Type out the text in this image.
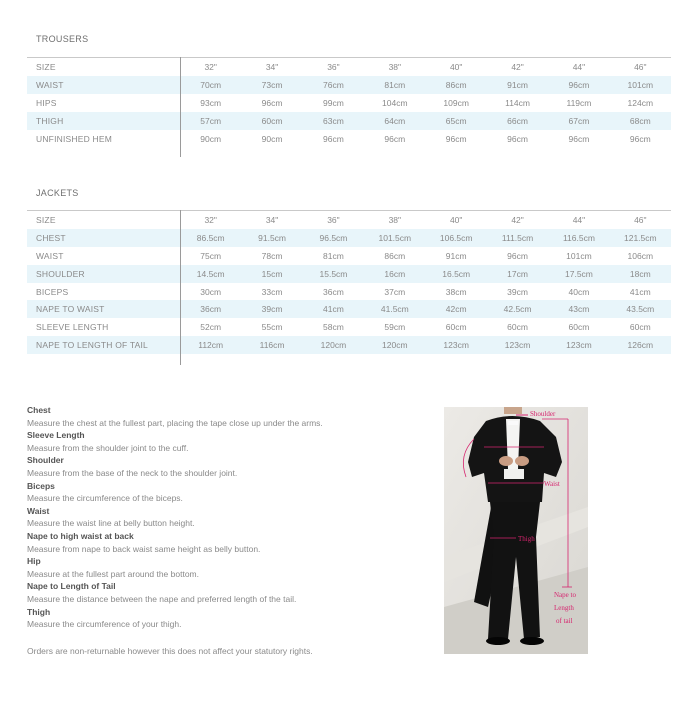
TROUSERS
SIZE	32"	34"	36"	38"	40"	42"	44"	46"
WAIST	70cm	73cm	76cm	81cm	86cm	91cm	96cm	101cm
HIPS	93cm	96cm	99cm	104cm	109cm	114cm	119cm	124cm
THIGH	57cm	60cm	63cm	64cm	65cm	66cm	67cm	68cm
UNFINISHED HEM	90cm	90cm	96cm	96cm	96cm	96cm	96cm	96cm
JACKETS
SIZE	32"	34"	36"	38"	40"	42"	44"	46"
CHEST	86.5cm	91.5cm	96.5cm	101.5cm	106.5cm	111.5cm	116.5cm	121.5cm
WAIST	75cm	78cm	81cm	86cm	91cm	96cm	101cm	106cm
SHOULDER	14.5cm	15cm	15.5cm	16cm	16.5cm	17cm	17.5cm	18cm
BICEPS	30cm	33cm	36cm	37cm	38cm	39cm	40cm	41cm
NAPE TO WAIST	36cm	39cm	41cm	41.5cm	42cm	42.5cm	43cm	43.5cm
SLEEVE LENGTH	52cm	55cm	58cm	59cm	60cm	60cm	60cm	60cm
NAPE TO LENGTH OF TAIL	112cm	116cm	120cm	120cm	123cm	123cm	123cm	126cm
Chest
Measure the chest at the fullest part, placing the tape close up under the arms.
Sleeve Length
Measure from the shoulder joint to the cuff.
Shoulder
Measure from the base of the neck to the shoulder joint.
Biceps
Measure the circumference of the biceps.
Waist
Measure the waist line at belly button height.
Nape to high waist at back
Measure from nape to back waist same height as belly button.
Hip
Measure at the fullest part around the bottom.
Nape to Length of Tail
Measure the distance between the nape and preferred length of the tail.
Thigh
Measure the circumference of your thigh.
Orders are non-returnable however this does not affect your statutory rights.
Shoulder
Waist
Thigh
Nape to
Length
of tail
